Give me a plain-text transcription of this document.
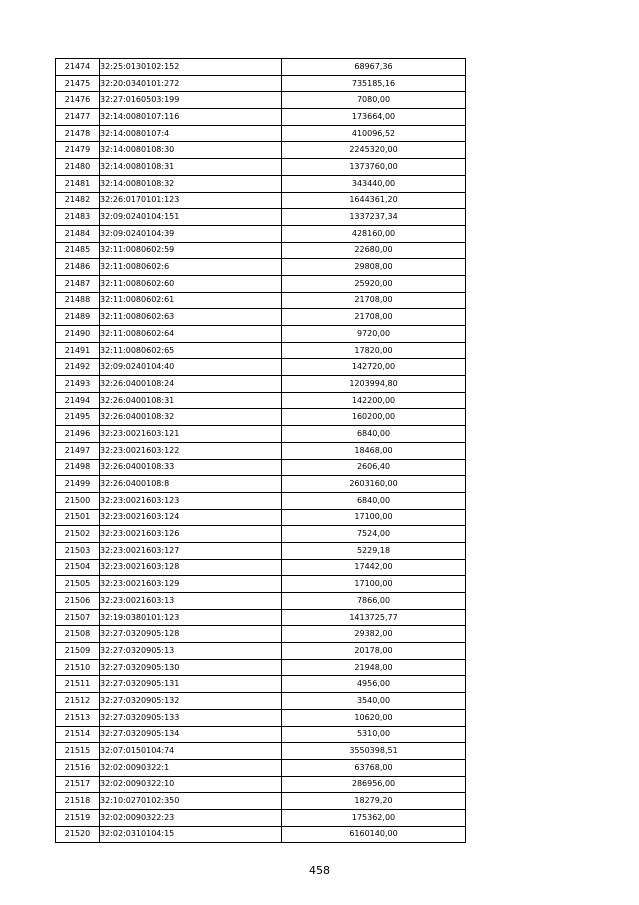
21474	32:25:0130102:152	68967,36
21475	32:20:0340101:272	735185,16
21476	32:27:0160503:199	7080,00
21477	32:14:0080107:116	173664,00
21478	32:14:0080107:4	410096,52
21479	32:14:0080108:30	2245320,00
21480	32:14:0080108:31	1373760,00
21481	32:14:0080108:32	343440,00
21482	32:26:0170101:123	1644361,20
21483	32:09:0240104:151	1337237,34
21484	32:09:0240104:39	428160,00
21485	32:11:0080602:59	22680,00
21486	32:11:0080602:6	29808,00
21487	32:11:0080602:60	25920,00
21488	32:11:0080602:61	21708,00
21489	32:11:0080602:63	21708,00
21490	32:11:0080602:64	9720,00
21491	32:11:0080602:65	17820,00
21492	32:09:0240104:40	142720,00
21493	32:26:0400108:24	1203994,80
21494	32:26:0400108:31	142200,00
21495	32:26:0400108:32	160200,00
21496	32:23:0021603:121	6840,00
21497	32:23:0021603:122	18468,00
21498	32:26:0400108:33	2606,40
21499	32:26:0400108:8	2603160,00
21500	32:23:0021603:123	6840,00
21501	32:23:0021603:124	17100,00
21502	32:23:0021603:126	7524,00
21503	32:23:0021603:127	5229,18
21504	32:23:0021603:128	17442,00
21505	32:23:0021603:129	17100,00
21506	32:23:0021603:13	7866,00
21507	32:19:0380101:123	1413725,77
21508	32:27:0320905:128	29382,00
21509	32:27:0320905:13	20178,00
21510	32:27:0320905:130	21948,00
21511	32:27:0320905:131	4956,00
21512	32:27:0320905:132	3540,00
21513	32:27:0320905:133	10620,00
21514	32:27:0320905:134	5310,00
21515	32:07:0150104:74	3550398,51
21516	32:02:0090322:1	63768,00
21517	32:02:0090322:10	286956,00
21518	32:10:0270102:350	18279,20
21519	32:02:0090322:23	175362,00
21520	32:02:0310104:15	6160140,00
458
